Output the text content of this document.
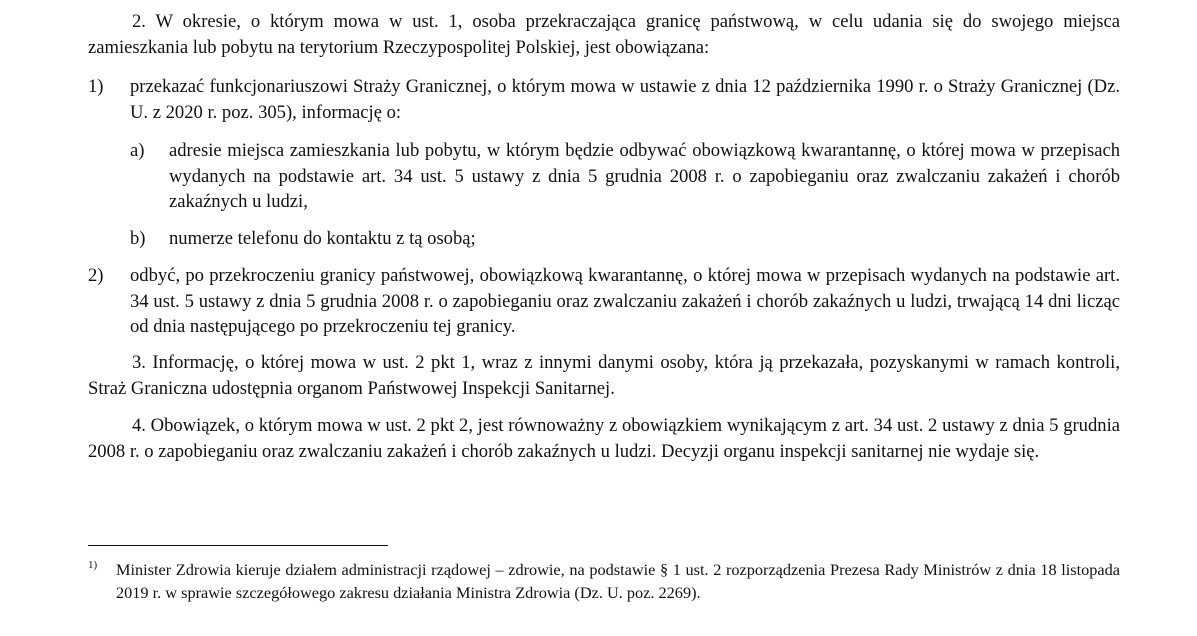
2. W okresie, o którym mowa w ust. 1, osoba przekraczająca granicę państwową, w celu udania się do swojego miejsca zamieszkania lub pobytu na terytorium Rzeczypospolitej Polskiej, jest obowiązana:

1)	przekazać funkcjonariuszowi Straży Granicznej, o którym mowa w ustawie z dnia 12 października 1990 r. o Straży Granicznej (Dz. U. z 2020 r. poz. 305), informację o:

a)	adresie miejsca zamieszkania lub pobytu, w którym będzie odbywać obowiązkową kwarantannę, o której mowa w przepisach wydanych na podstawie art. 34 ust. 5 ustawy z dnia 5 grudnia 2008 r. o zapobieganiu oraz zwalczaniu zakażeń i chorób zakaźnych u ludzi,

b)	numerze telefonu do kontaktu z tą osobą;

2)	odbyć, po przekroczeniu granicy państwowej, obowiązkową kwarantannę, o której mowa w przepisach wydanych na podstawie art. 34 ust. 5 ustawy z dnia 5 grudnia 2008 r. o zapobieganiu oraz zwalczaniu zakażeń i chorób zakaźnych u ludzi, trwającą 14 dni licząc od dnia następującego po przekroczeniu tej granicy.

3. Informację, o której mowa w ust. 2 pkt 1, wraz z innymi danymi osoby, która ją przekazała, pozyskanymi w ramach kontroli, Straż Graniczna udostępnia organom Państwowej Inspekcji Sanitarnej.

4. Obowiązek, o którym mowa w ust. 2 pkt 2, jest równoważny z obowiązkiem wynikającym z art. 34 ust. 2 ustawy z dnia 5 grudnia 2008 r. o zapobieganiu oraz zwalczaniu zakażeń i chorób zakaźnych u ludzi. Decyzji organu inspekcji sanitarnej nie wydaje się.

1) Minister Zdrowia kieruje działem administracji rządowej – zdrowie, na podstawie § 1 ust. 2 rozporządzenia Prezesa Rady Ministrów z dnia 18 listopada 2019 r. w sprawie szczegółowego zakresu działania Ministra Zdrowia (Dz. U. poz. 2269).
